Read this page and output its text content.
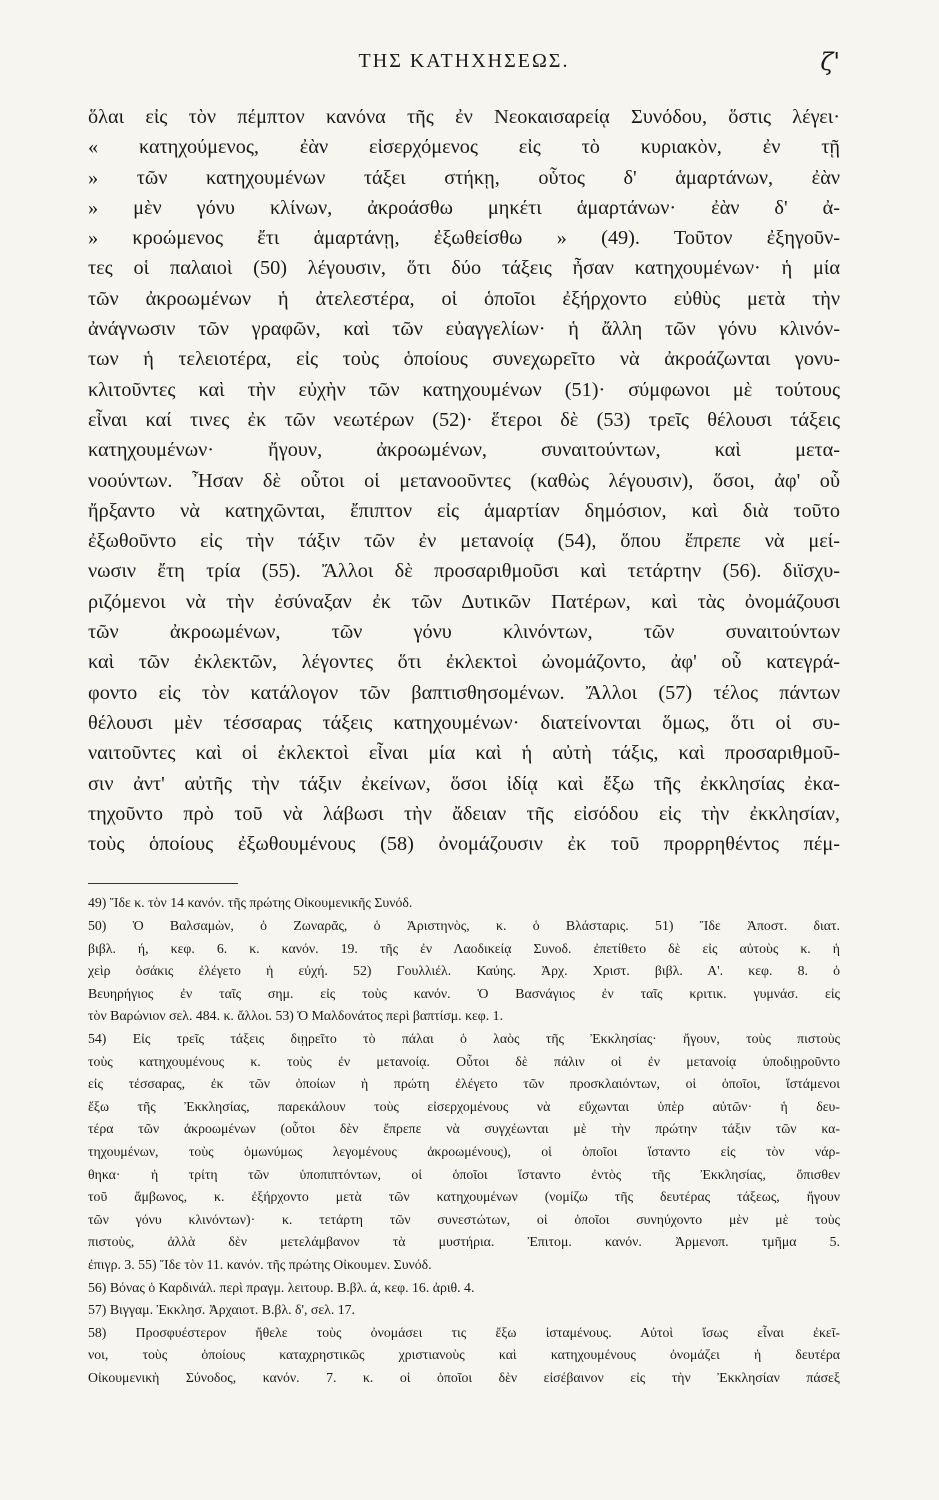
ΤΗΣ ΚΑΤΗΧΗΣΕΩΣ.	ζ'
ὅλαι εἰς τὸν πέμπτον κανόνα τῆς ἐν Νεοκαισαρείᾳ Συνόδου, ὅστις λέγει·
« κατηχούμενος, ἐὰν εἰσερχόμενος εἰς τὸ κυριακὸν, ἐν τῇ
» τῶν κατηχουμένων τάξει στήκῃ, οὗτος δ' ἁμαρτάνων, ἐὰν
» μὲν γόνυ κλίνων, ἀκροάσθω μηκέτι ἁμαρτάνων· ἐὰν δ' ἀ-
» κροώμενος ἔτι ἁμαρτάνῃ, ἐξωθείσθω » (49). Τοῦτον ἐξηγοῦν-
τες οἱ παλαιοὶ (50) λέγουσιν, ὅτι δύο τάξεις ἦσαν κατηχουμένων· ἡ μία
τῶν ἀκροωμένων ἡ ἀτελεστέρα, οἱ ὁποῖοι ἐξήρχοντο εὐθὺς μετὰ τὴν
ἀνάγνωσιν τῶν γραφῶν, καὶ τῶν εὐαγγελίων· ἡ ἄλλη τῶν γόνυ κλινόν-
των ἡ τελειοτέρα, εἰς τοὺς ὁποίους συνεχωρεῖτο νὰ ἀκροάζωνται γονυ-
κλιτοῦντες καὶ τὴν εὐχὴν τῶν κατηχουμένων (51)· σύμφωνοι μὲ τούτους
εἶναι καί τινες ἐκ τῶν νεωτέρων (52)· ἕτεροι δὲ (53) τρεῖς θέλουσι τάξεις
κατηχουμένων· ἤγουν, ἀκροωμένων, συναιτούντων, καὶ μετα-
νοούντων. Ἦσαν δὲ οὗτοι οἱ μετανοοῦντες (καθὼς λέγουσιν), ὅσοι, ἀφ' οὗ
ἤρξαντο νὰ κατηχῶνται, ἔπιπτον εἰς ἁμαρτίαν δημόσιον, καὶ διὰ τοῦτο
ἐξωθοῦντο εἰς τὴν τάξιν τῶν ἐν μετανοίᾳ (54), ὅπου ἔπρεπε νὰ μεί-
νωσιν ἔτη τρία (55). Ἄλλοι δὲ προσαριθμοῦσι καὶ τετάρτην (56). διϊσχυ-
ριζόμενοι νὰ τὴν ἐσύναξαν ἐκ τῶν Δυτικῶν Πατέρων, καὶ τὰς ὀνομάζουσι
τῶν ἀκροωμένων, τῶν γόνυ κλινόντων, τῶν συναιτούντων
καὶ τῶν ἐκλεκτῶν, λέγοντες ὅτι ἐκλεκτοὶ ὠνομάζοντο, ἀφ' οὗ κατεγρά-
φοντο εἰς τὸν κατάλογον τῶν βαπτισθησομένων. Ἄλλοι (57) τέλος πάντων
θέλουσι μὲν τέσσαρας τάξεις κατηχουμένων· διατείνονται ὅμως, ὅτι οἱ συ-
ναιτοῦντες καὶ οἱ ἐκλεκτοὶ εἶναι μία καὶ ἡ αὐτὴ τάξις, καὶ προσαριθμοῦ-
σιν ἀντ' αὐτῆς τὴν τάξιν ἐκείνων, ὅσοι ἰδίᾳ καὶ ἔξω τῆς ἐκκλησίας ἐκα-
τηχοῦντο πρὸ τοῦ νὰ λάβωσι τὴν ἄδειαν τῆς εἰσόδου εἰς τὴν ἐκκλησίαν,
τοὺς ὁποίους ἐξωθουμένους (58) ὀνομάζουσιν ἐκ τοῦ προρρηθέντος πέμ-
49) Ἴδε κ. τὸν 14 κανόν. τῆς πρώτης Οἰκουμενικῆς Συνόδ.
50) Ὁ Βαλσαμὼν, ὁ Ζωναρᾶς, ὁ Ἀριστηνὸς, κ. ὁ Βλάσταρις. 51) Ἴδε Ἀποστ. διατ.
βιβλ. ή, κεφ. 6. κ. κανόν. 19. τῆς ἐν Λαοδικείᾳ Συνοδ. ἐπετίθετο δὲ εἰς αὐτοὺς κ. ἡ
χεὶρ ὁσάκις ἐλέγετο ἡ εὐχή. 52) Γουλλιέλ. Καύης. Ἀρχ. Χριστ. βιβλ. Α'. κεφ. 8. ὁ
Βευηρήγιος ἐν ταῖς σημ. εἰς τοὺς κανόν. Ὁ Βασνάγιος ἐν ταῖς κριτικ. γυμνάσ. εἰς
τὸν Βαρώνιον σελ. 484. κ. ἄλλοι. 53) Ὁ Μαλδονάτος περὶ βαπτίσμ. κεφ. 1.
54) Εἰς τρεῖς τάξεις διῃρεῖτο τὸ πάλαι ὁ λαὸς τῆς Ἐκκλησίας· ἤγουν, τοὺς πιστοὺς
τοὺς κατηχουμένους κ. τοὺς ἐν μετανοίᾳ. Οὗτοι δὲ πάλιν οἱ ἐν μετανοίᾳ ὑποδιῃροῦντο
εἰς τέσσαρας, ἐκ τῶν ὁποίων ἡ πρώτη ἐλέγετο τῶν προσκλαιόντων, οἱ ὁποῖοι, ἵστάμενοι
ἔξω τῆς Ἐκκλησίας, παρεκάλουν τοὺς εἰσερχομένους νὰ εὔχωνται ὑπὲρ αὐτῶν· ἡ δευ-
τέρα τῶν ἀκροωμένων (οὗτοι δὲν ἔπρεπε νὰ συγχέωνται μὲ τὴν πρώτην τάξιν τῶν κα-
τηχουμένων, τοὺς ὁμωνύμως λεγομένους ἀκροωμένους), οἱ ὁποῖοι ἵσταντο εἰς τὸν νάρ-
θηκα· ἡ τρίτη τῶν ὑποπιπτόντων, οἱ ὁποῖοι ἵσταντο ἐντὸς τῆς Ἐκκλησίας, ὄπισθεν
τοῦ ἄμβωνος, κ. ἐξήρχοντο μετὰ τῶν κατηχουμένων (νομίζω τῆς δευτέρας τάξεως, ἤγουν
τῶν γόνυ κλινόντων)· κ. τετάρτη τῶν συνεστώτων, οἱ ὁποῖοι συνηύχοντο μὲν μὲ τοὺς
πιστοὺς, ἀλλὰ δὲν μετελάμβανον τὰ μυστήρια. Ἐπιτομ. κανόν. Ἀρμενοπ. τμῆμα 5.
ἐπιγρ. 3. 55) Ἴδε τὸν 11. κανόν. τῆς πρώτης Οἰκουμεν. Συνόδ.
56) Βόνας ὁ Καρδινάλ. περὶ πραγμ. λειτουρ. Β.βλ. ά, κεφ. 16. ἀριθ. 4.
57) Βιγγαμ. Ἐκκλησ. Ἀρχαιοτ. Β.βλ. δ', σελ. 17.
58) Προσφυέστερον ἤθελε τοὺς ὀνομάσει τις ἔξω ἱσταμένους. Αὐτοὶ ἴσως εἶναι ἐκεῖ-
νοι, τοὺς ὁποίους καταχρηστικῶς χριστιανοὺς καὶ κατηχουμένους ὀνομάζει ἡ δευτέρα
Οἰκουμενικὴ Σύνοδος, κανόν. 7. κ. οἱ ὁποῖοι δὲν εἰσέβαινον εἰς τὴν Ἐκκλησίαν πάσεξ
